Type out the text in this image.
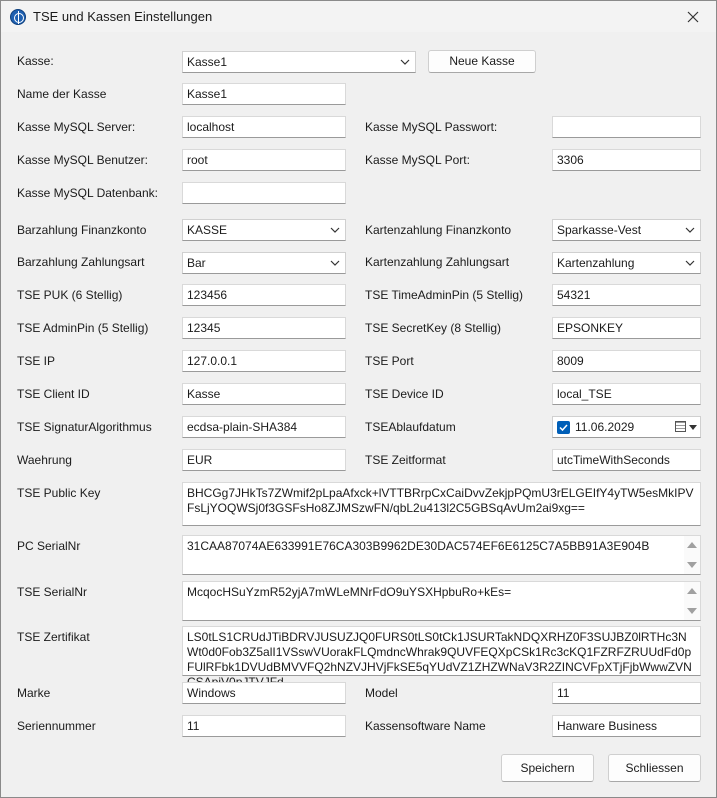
TSE und Kassen Einstellungen
Kasse:	Kasse1	Neue Kasse
Name der Kasse	Kasse1
Kasse MySQL Server:	localhost	Kasse MySQL Passwort:
Kasse MySQL Benutzer:	root	Kasse MySQL Port:	3306
Kasse MySQL Datenbank:
Barzahlung Finanzkonto	KASSE	Kartenzahlung Finanzkonto	Sparkasse-Vest
Barzahlung Zahlungsart	Bar	Kartenzahlung Zahlungsart	Kartenzahlung
TSE PUK (6 Stellig)	123456	TSE TimeAdminPin (5 Stellig)	54321
TSE AdminPin (5 Stellig)	12345	TSE SecretKey (8 Stellig)	EPSONKEY
TSE IP	127.0.0.1	TSE Port	8009
TSE Client ID	Kasse	TSE Device ID	local_TSE
TSE SignaturAlgorithmus	ecdsa-plain-SHA384	TSEAblaufdatum	11.06.2029
Waehrung	EUR	TSE Zeitformat	utcTimeWithSeconds
TSE Public Key	BHCGg7JHkTs7ZWmif2pLpaAfxck+lVTTBRrpCxCaiDvvZekjpPQmU3rELGEIfY4yTW5esMkIPVFsLjYOQWSj0f3GSFsHo8ZJMSzwFN/qbL2u413l2C5GBSqAvUm2ai9xg==
PC SerialNr	31CAA87074AE633991E76CA303B9962DE30DAC574EF6E6125C7A5BB91A3E904B
TSE SerialNr	McqocHSuYzmR52yjA7mWLeMNrFdO9uYSXHpbuRo+kEs=
TSE Zertifikat	LS0tLS1CRUdJTiBDRVJUSUZJQ0FURS0tLS0tCk1JSURTakNDQXRHZ0F3SUJBZ0lRTHc3NWt0d0Fob3Z5alI1VSswVUorakFLQmdncWhrak9QUVFEQXpCSk1Rc3cKQ1FZRFZRUUdFd0pFUlRFbk1DVUdBMVVFQ2hNZVJHVjFkSE5qYUdVZ1ZHZWNaV3R2ZINCVFpXTjFjbWwwZVN
Marke	Windows	Model	11
Seriennummer	11	Kassensoftware Name	Hanware Business
Speichern	Schliessen
